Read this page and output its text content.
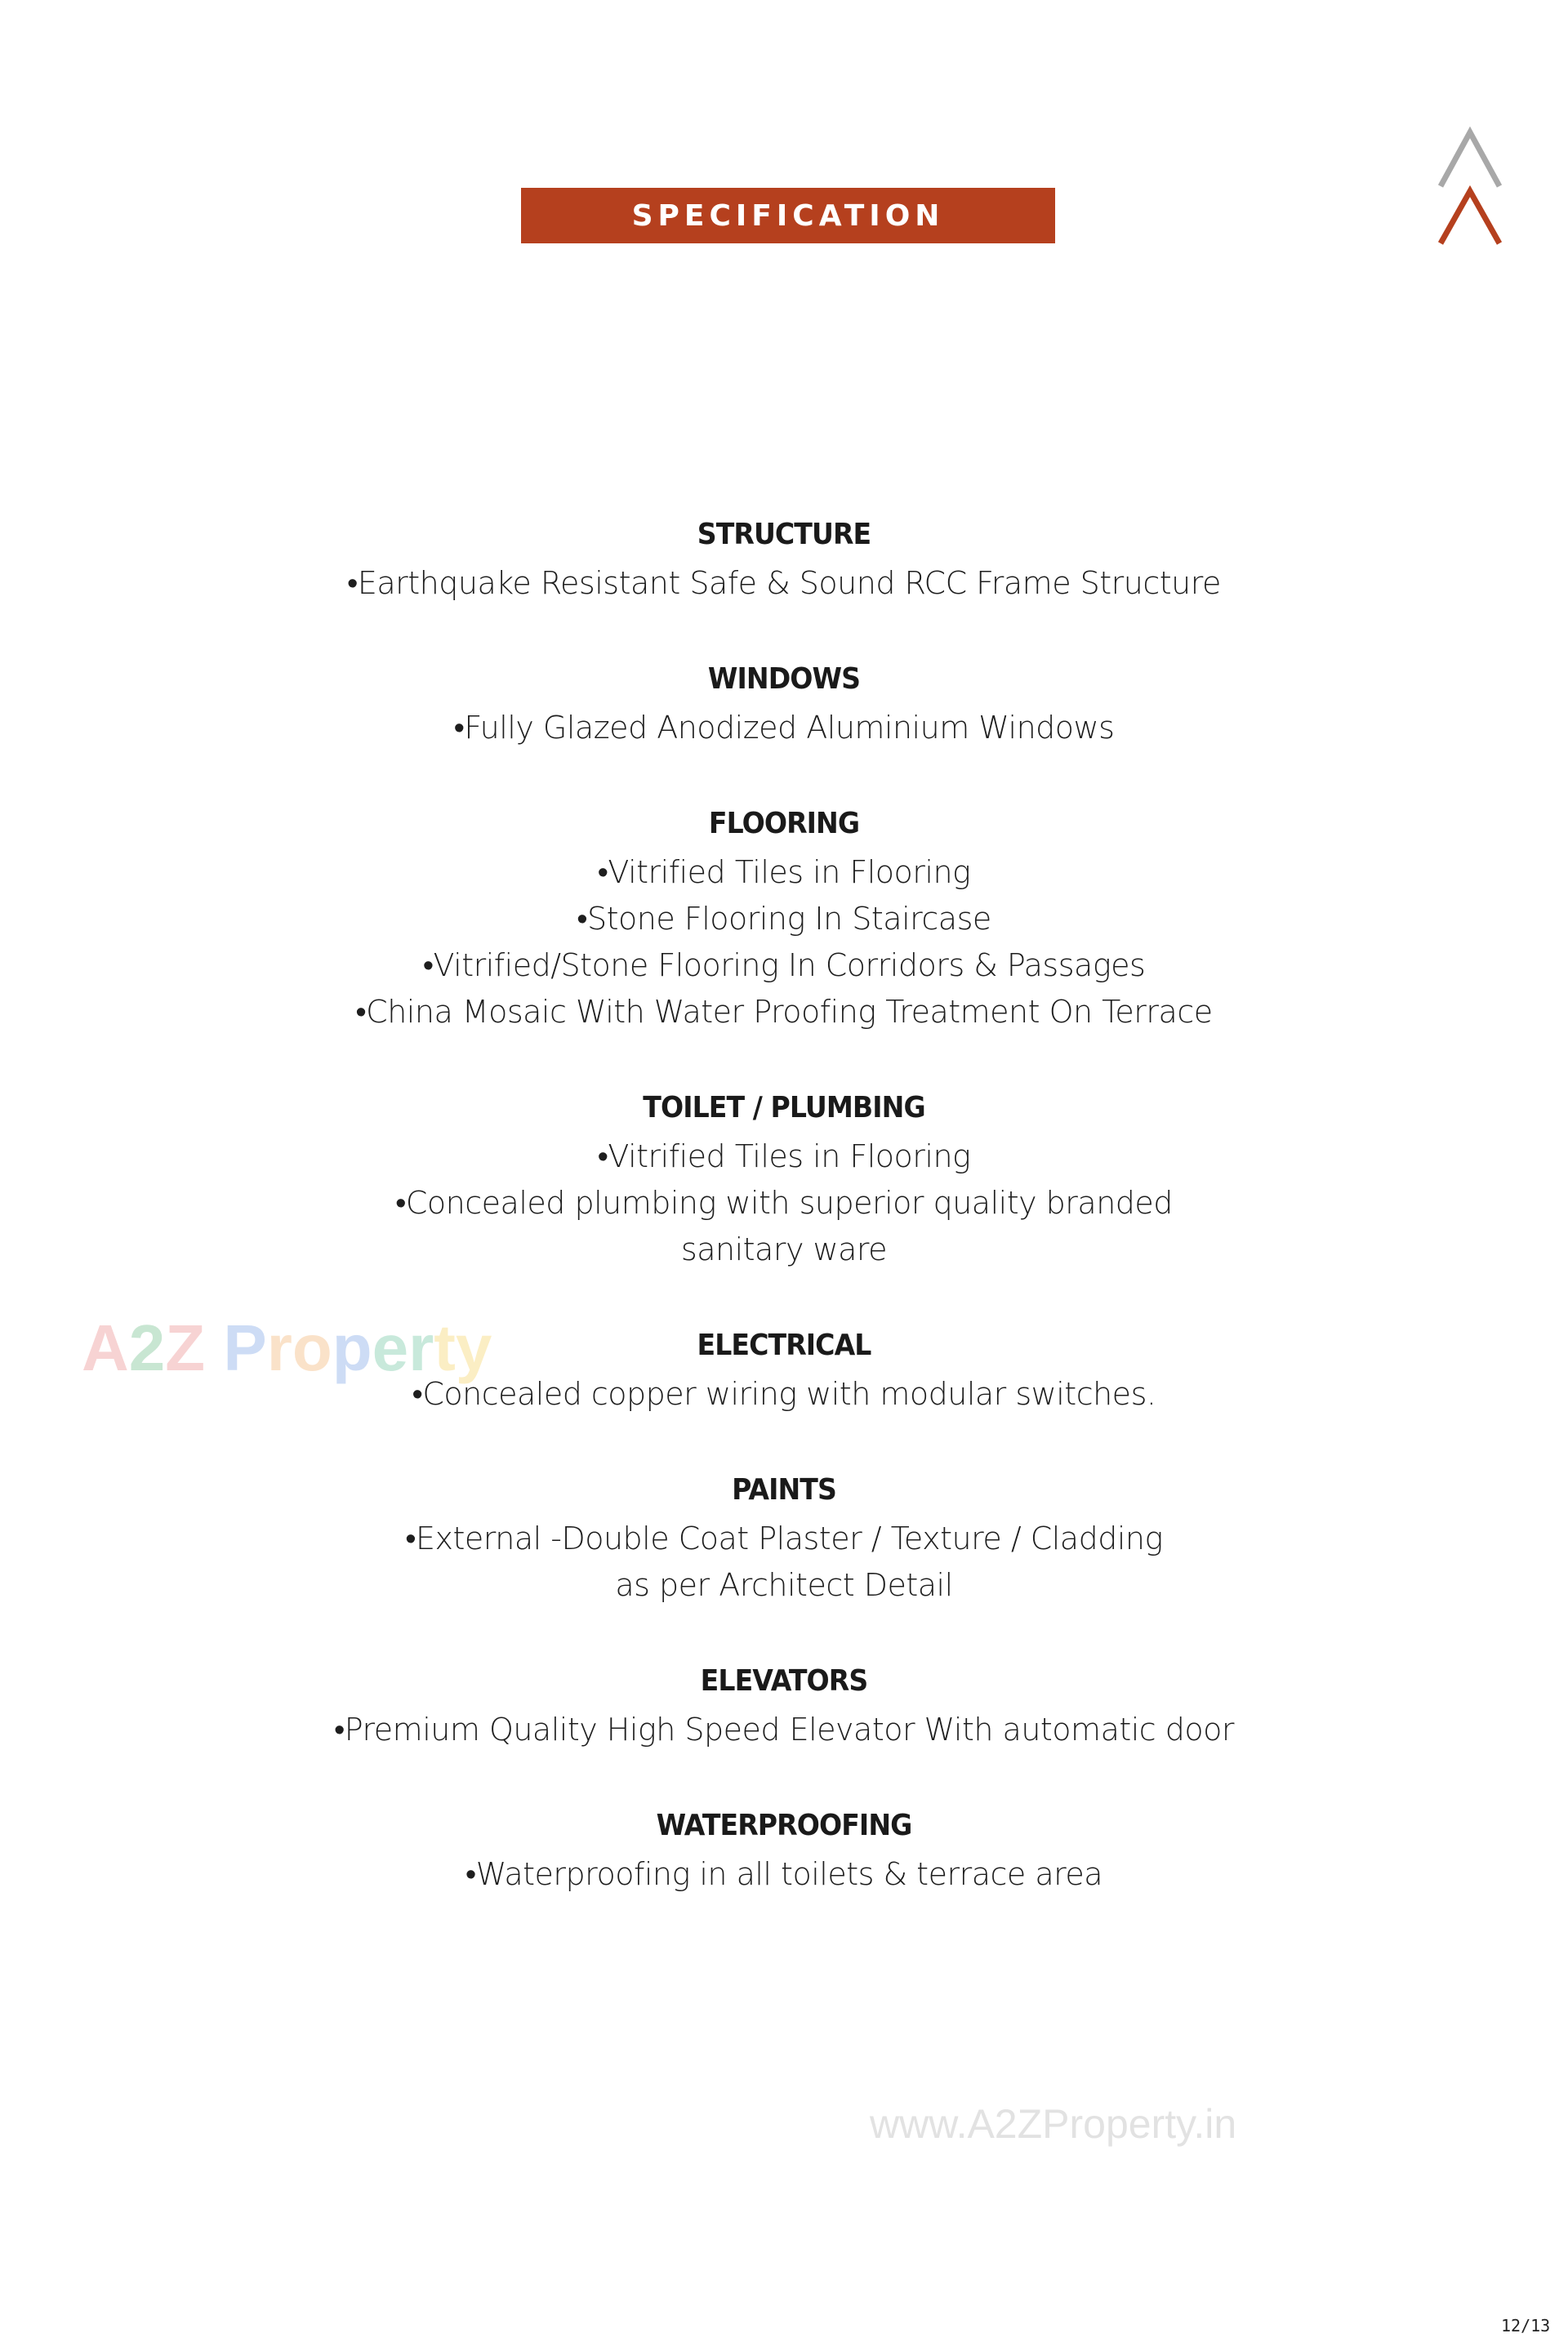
SPECIFICATION
STRUCTURE
•Earthquake Resistant Safe & Sound RCC Frame Structure
WINDOWS
•Fully Glazed Anodized Aluminium Windows
FLOORING
•Vitrified Tiles in Flooring
•Stone Flooring In Staircase
•Vitrified/Stone Flooring In Corridors & Passages
•China Mosaic With Water Proofing Treatment On Terrace
TOILET / PLUMBING
•Vitrified Tiles in Flooring
•Concealed plumbing with superior quality branded
sanitary ware
ELECTRICAL
•Concealed copper wiring with modular switches.
PAINTS
•External -Double Coat Plaster / Texture / Cladding
as per Architect Detail
ELEVATORS
•Premium Quality High Speed Elevator With automatic door
WATERPROOFING
•Waterproofing in all toilets & terrace area
A2Z Property
www.A2ZProperty.in
12/13
